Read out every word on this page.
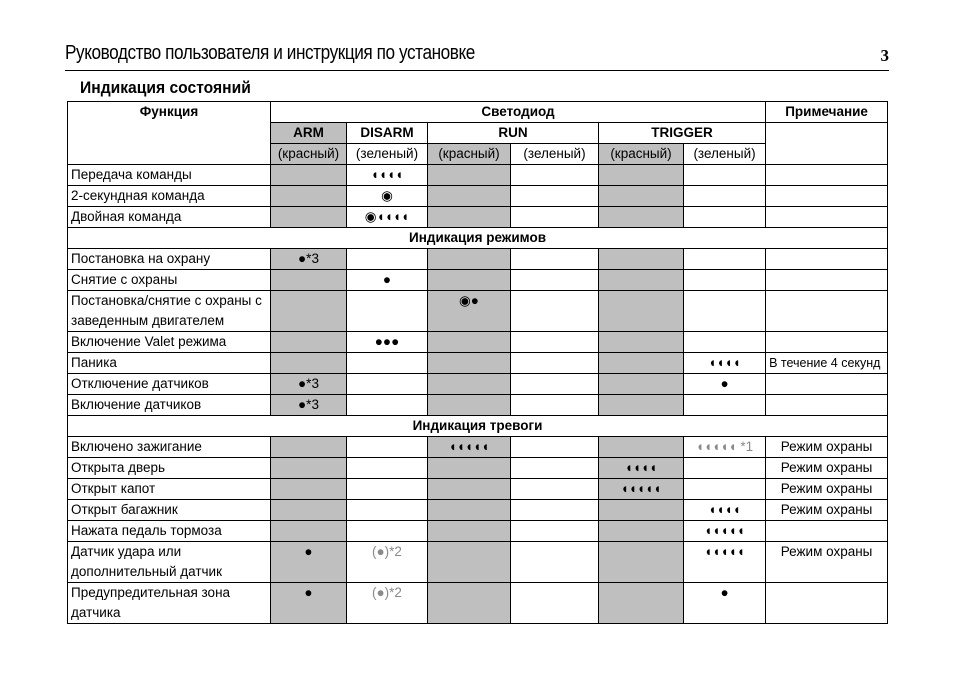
Руководство пользователя и инструкция по установке	3
Индикация состояний
Функция	Светодиод						Примечание
	ARM	DISARM	RUN		TRIGGER		
	(красный)	(зеленый)	(красный)	(зеленый)	(красный)	(зеленый)	
Передача команды		◖◖◖◖					
2-секундная команда		◉					
Двойная команда		◉◖◖◖◖					
Индикация режимов							
Постановка на охрану	●*3						
Снятие с охраны		●					
Постановка/снятие с охраны с заведенным двигателем			◉●				
Включение Valet режима		●●●					
Паника						◖◖◖◖	В течение 4 секунд
Отключение датчиков	●*3					●	
Включение датчиков	●*3						
Индикация тревоги							
Включено зажигание			◖◖◖◖◖			◖◖◖◖◖ *1	Режим охраны
Открыта дверь					◖◖◖◖		Режим охраны
Открыт капот					◖◖◖◖◖		Режим охраны
Открыт багажник						◖◖◖◖	Режим охраны
Нажата педаль тормоза						◖◖◖◖◖	
Датчик удара или дополнительный датчик	●	(●)*2				◖◖◖◖◖	Режим охраны
Предупредительная зона датчика	●	(●)*2				●	
